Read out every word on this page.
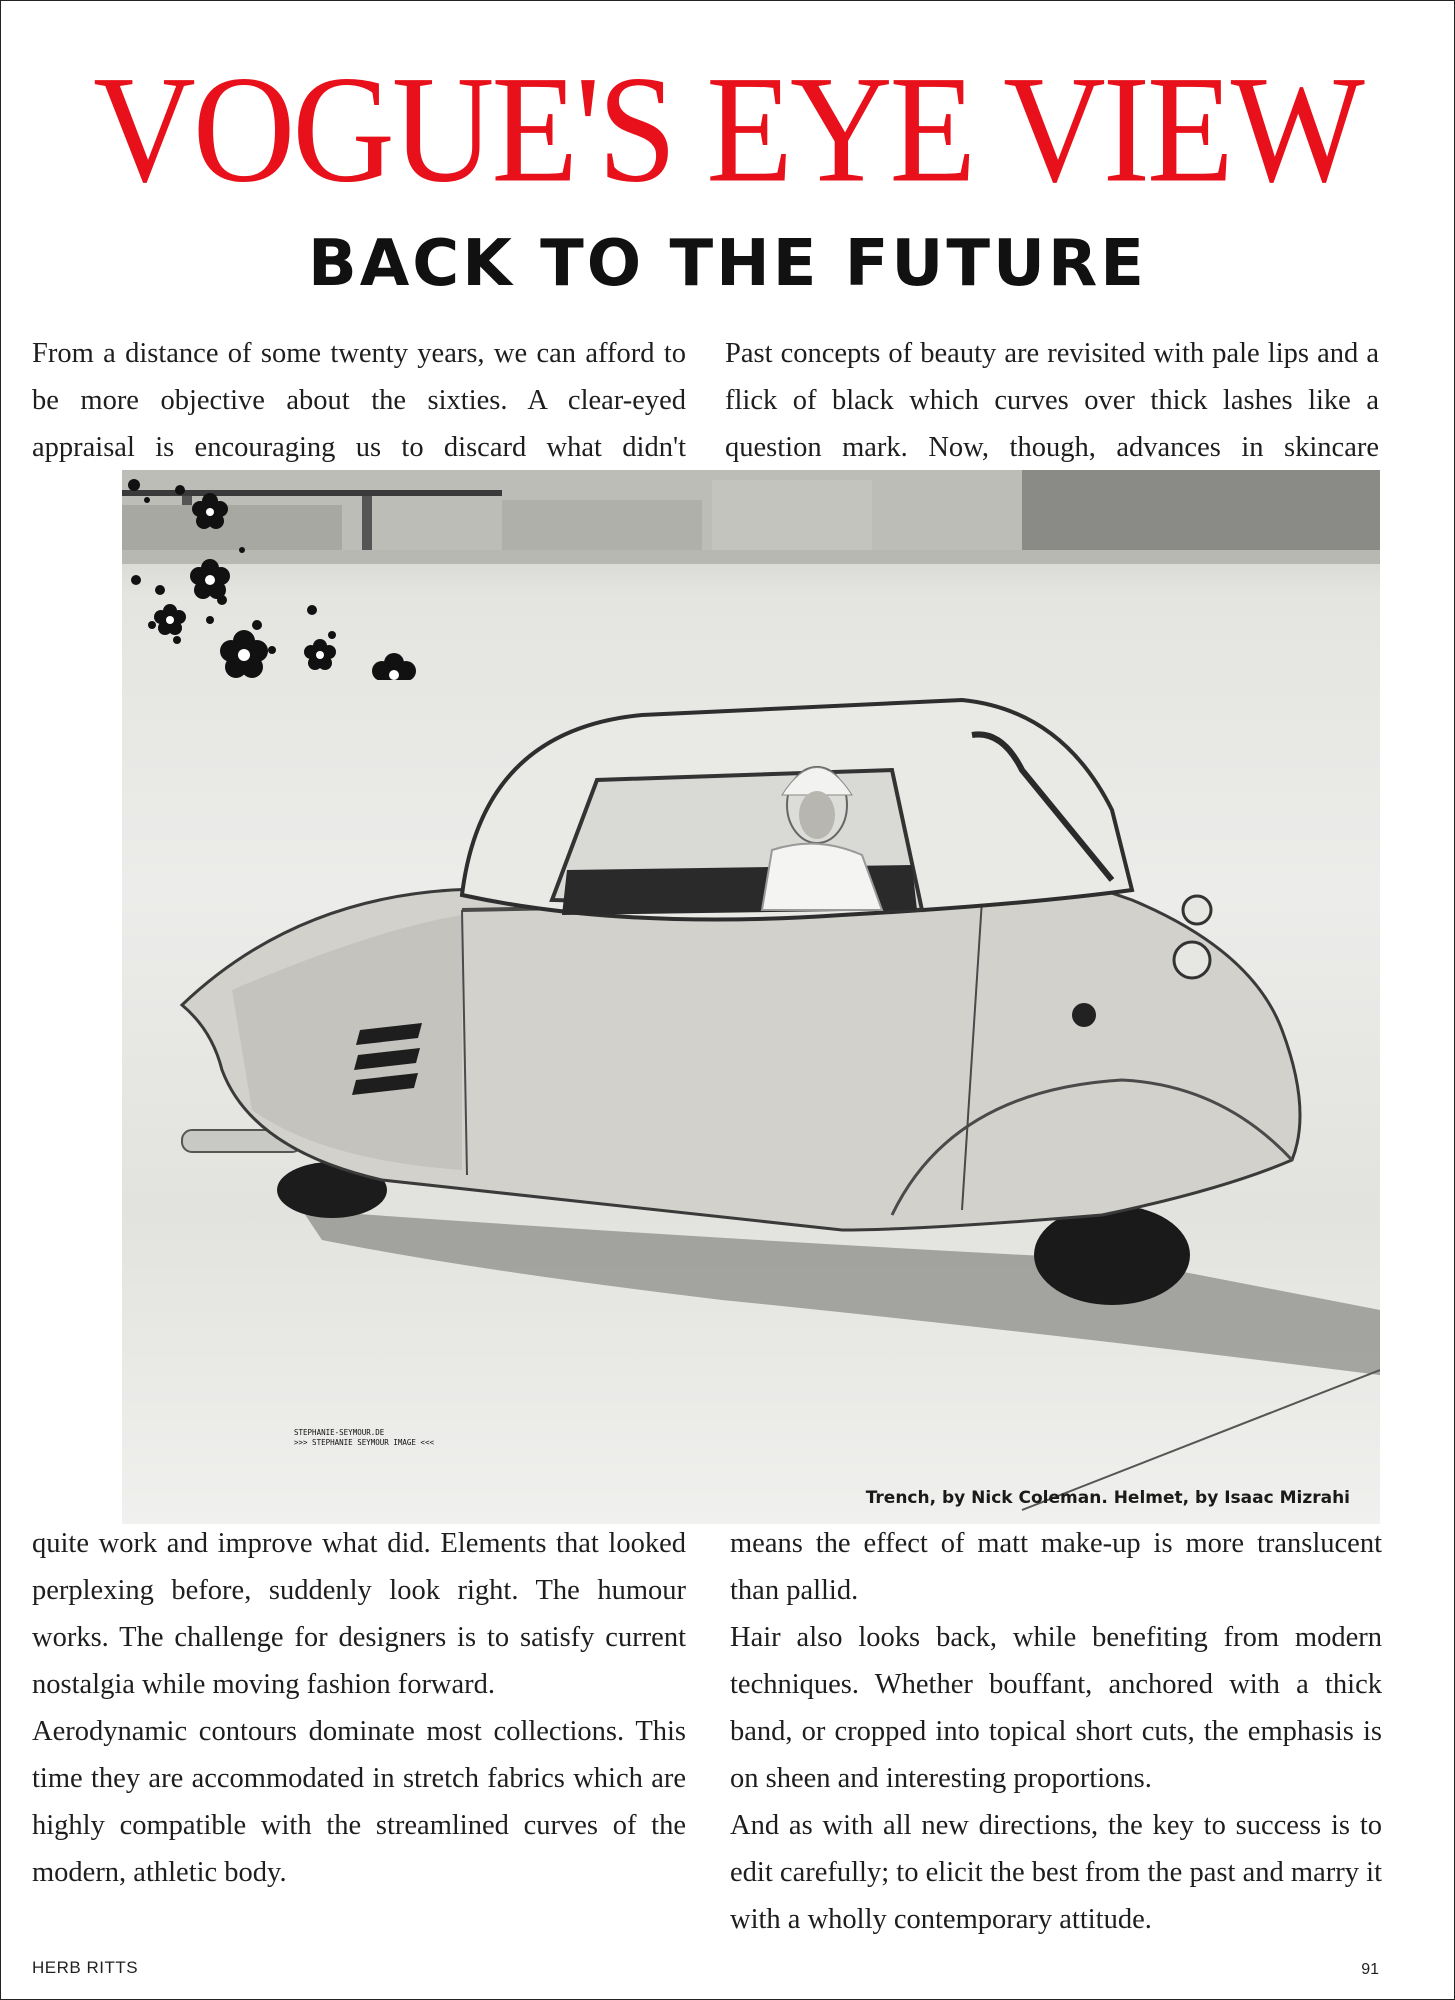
VOGUE'S EYE VIEW
BACK TO THE FUTURE

From a distance of some twenty years, we can afford to be more objective about the sixties. A clear-eyed appraisal is encouraging us to discard what didn't

Past concepts of beauty are revisited with pale lips and a flick of black which curves over thick lashes like a question mark. Now, though, advances in skincare

STEPHANIE-SEYMOUR.DE
>>> STEPHANIE SEYMOUR IMAGE <<<
Trench, by Nick Coleman. Helmet, by Isaac Mizrahi

quite work and improve what did. Elements that looked perplexing before, suddenly look right. The humour works. The challenge for designers is to satisfy current nostalgia while moving fashion forward.

Aerodynamic contours dominate most collections. This time they are accommodated in stretch fabrics which are highly compatible with the streamlined curves of the modern, athletic body.

means the effect of matt make-up is more translucent than pallid.

Hair also looks back, while benefiting from modern techniques. Whether bouffant, anchored with a thick band, or cropped into topical short cuts, the emphasis is on sheen and interesting proportions.

And as with all new directions, the key to success is to edit carefully; to elicit the best from the past and marry it with a wholly contemporary attitude.

HERB RITTS	91
